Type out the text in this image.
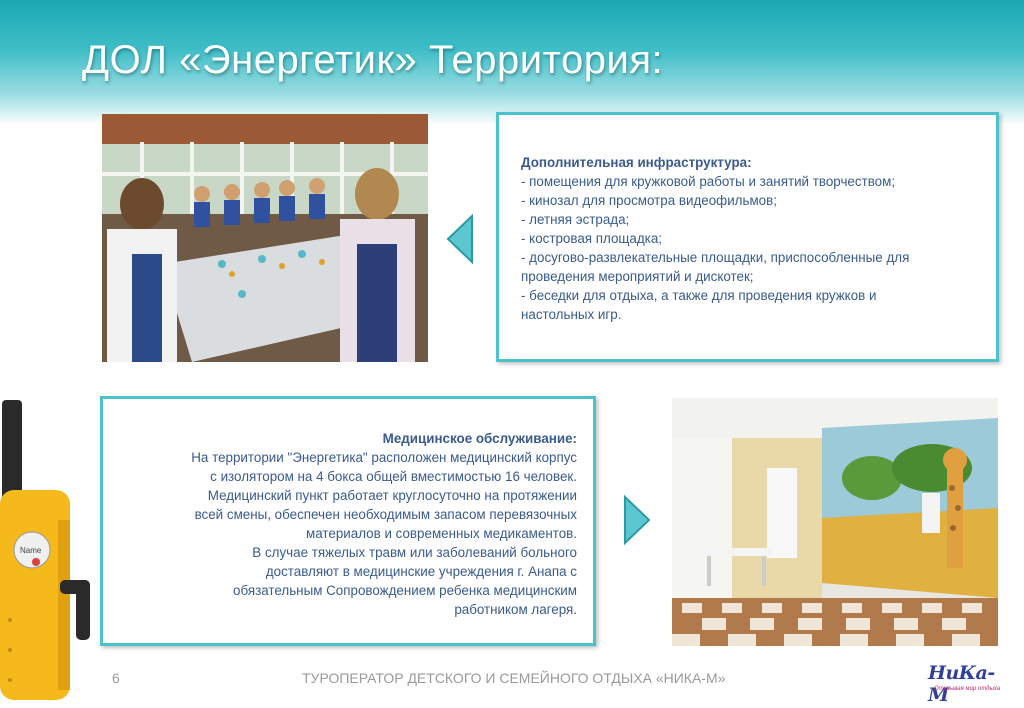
ДОЛ «Энергетик» Территория:
Дополнительная инфраструктура:
- помещения для кружковой работы и занятий творчеством;
- кинозал для просмотра видеофильмов;
- летняя эстрада;
- костровая площадка;
- досугово-развлекательные площадки, приспособленные для
проведения мероприятий и дискотек;
- беседки для отдыха, а также для проведения кружков и
настольных игр.
Медицинское обслуживание:
На территории "Энергетика" расположен медицинский корпус
с изолятором на 4 бокса общей вместимостью 16 человек.
Медицинский пункт работает круглосуточно на протяжении
всей смены, обеспечен необходимым запасом перевязочных
материалов и современных медикаментов.
В случае тяжелых травм или заболеваний больного
доставляют в медицинские учреждения г. Анапа с
обязательным Сопровождением ребенка медицинским
работником лагеря.
Name
6	ТУРОПЕРАТОР ДЕТСКОГО И СЕМЕЙНОГО ОТДЫХА «НИКА-М»	НиКа-М
Открывая мир отдыха
